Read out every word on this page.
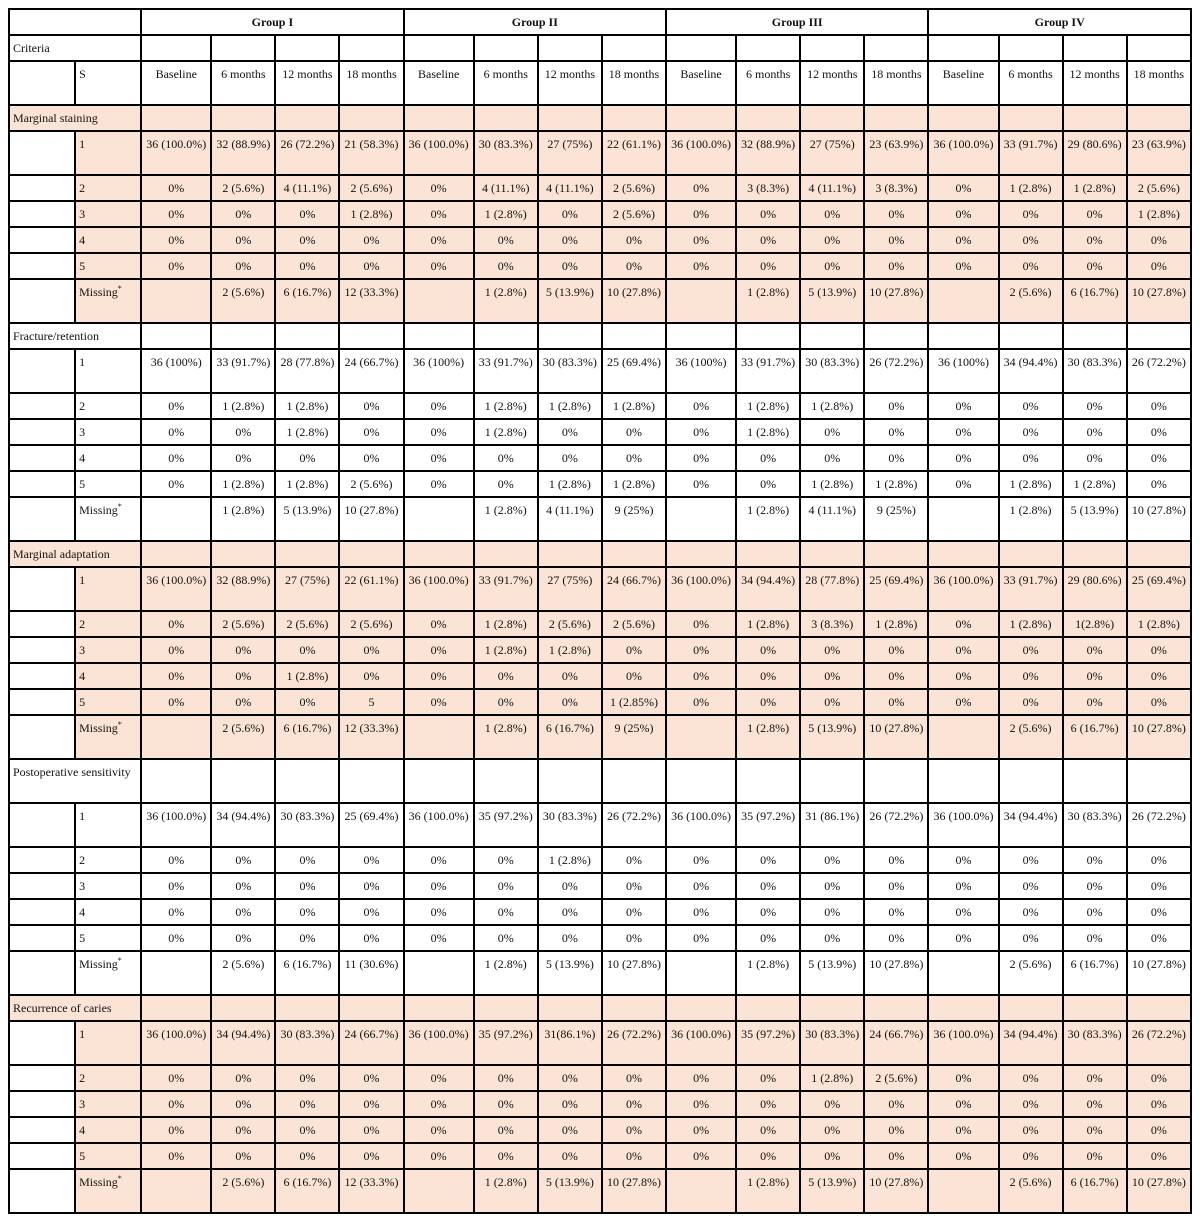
		Group I				Group II				Group III				Group IV			
Criteria																	
	S	Baseline	6 months	12 months	18 months	Baseline	6 months	12 months	18 months	Baseline	6 months	12 months	18 months	Baseline	6 months	12 months	18 months
Marginal staining																	
	1	36 (100.0%)	32 (88.9%)	26 (72.2%)	21 (58.3%)	36 (100.0%)	30 (83.3%)	27 (75%)	22 (61.1%)	36 (100.0%)	32 (88.9%)	27 (75%)	23 (63.9%)	36 (100.0%)	33 (91.7%)	29 (80.6%)	23 (63.9%)
	2	0%	2 (5.6%)	4 (11.1%)	2 (5.6%)	0%	4 (11.1%)	4 (11.1%)	2 (5.6%)	0%	3 (8.3%)	4 (11.1%)	3 (8.3%)	0%	1 (2.8%)	1 (2.8%)	2 (5.6%)
	3	0%	0%	0%	1 (2.8%)	0%	1 (2.8%)	0%	2 (5.6%)	0%	0%	0%	0%	0%	0%	0%	1 (2.8%)
	4	0%	0%	0%	0%	0%	0%	0%	0%	0%	0%	0%	0%	0%	0%	0%	0%
	5	0%	0%	0%	0%	0%	0%	0%	0%	0%	0%	0%	0%	0%	0%	0%	0%
	Missing*		2 (5.6%)	6 (16.7%)	12 (33.3%)		1 (2.8%)	5 (13.9%)	10 (27.8%)		1 (2.8%)	5 (13.9%)	10 (27.8%)		2 (5.6%)	6 (16.7%)	10 (27.8%)
Fracture/retention																	
	1	36 (100%)	33 (91.7%)	28 (77.8%)	24 (66.7%)	36 (100%)	33 (91.7%)	30 (83.3%)	25 (69.4%)	36 (100%)	33 (91.7%)	30 (83.3%)	26 (72.2%)	36 (100%)	34 (94.4%)	30 (83.3%)	26 (72.2%)
	2	0%	1 (2.8%)	1 (2.8%)	0%	0%	1 (2.8%)	1 (2.8%)	1 (2.8%)	0%	1 (2.8%)	1 (2.8%)	0%	0%	0%	0%	0%
	3	0%	0%	1 (2.8%)	0%	0%	1 (2.8%)	0%	0%	0%	1 (2.8%)	0%	0%	0%	0%	0%	0%
	4	0%	0%	0%	0%	0%	0%	0%	0%	0%	0%	0%	0%	0%	0%	0%	0%
	5	0%	1 (2.8%)	1 (2.8%)	2 (5.6%)	0%	0%	1 (2.8%)	1 (2.8%)	0%	0%	1 (2.8%)	1 (2.8%)	0%	1 (2.8%)	1 (2.8%)	0%
	Missing*		1 (2.8%)	5 (13.9%)	10 (27.8%)		1 (2.8%)	4 (11.1%)	9 (25%)		1 (2.8%)	4 (11.1%)	9 (25%)		1 (2.8%)	5 (13.9%)	10 (27.8%)
Marginal adaptation																	
	1	36 (100.0%)	32 (88.9%)	27 (75%)	22 (61.1%)	36 (100.0%)	33 (91.7%)	27 (75%)	24 (66.7%)	36 (100.0%)	34 (94.4%)	28 (77.8%)	25 (69.4%)	36 (100.0%)	33 (91.7%)	29 (80.6%)	25 (69.4%)
	2	0%	2 (5.6%)	2 (5.6%)	2 (5.6%)	0%	1 (2.8%)	2 (5.6%)	2 (5.6%)	0%	1 (2.8%)	3 (8.3%)	1 (2.8%)	0%	1 (2.8%)	1(2.8%)	1 (2.8%)
	3	0%	0%	0%	0%	0%	1 (2.8%)	1 (2.8%)	0%	0%	0%	0%	0%	0%	0%	0%	0%
	4	0%	0%	1 (2.8%)	0%	0%	0%	0%	0%	0%	0%	0%	0%	0%	0%	0%	0%
	5	0%	0%	0%	5	0%	0%	0%	1 (2.85%)	0%	0%	0%	0%	0%	0%	0%	0%
	Missing*		2 (5.6%)	6 (16.7%)	12 (33.3%)		1 (2.8%)	6 (16.7%)	9 (25%)		1 (2.8%)	5 (13.9%)	10 (27.8%)		2 (5.6%)	6 (16.7%)	10 (27.8%)
Postoperative sensitivity																	
	1	36 (100.0%)	34 (94.4%)	30 (83.3%)	25 (69.4%)	36 (100.0%)	35 (97.2%)	30 (83.3%)	26 (72.2%)	36 (100.0%)	35 (97.2%)	31 (86.1%)	26 (72.2%)	36 (100.0%)	34 (94.4%)	30 (83.3%)	26 (72.2%)
	2	0%	0%	0%	0%	0%	0%	1 (2.8%)	0%	0%	0%	0%	0%	0%	0%	0%	0%
	3	0%	0%	0%	0%	0%	0%	0%	0%	0%	0%	0%	0%	0%	0%	0%	0%
	4	0%	0%	0%	0%	0%	0%	0%	0%	0%	0%	0%	0%	0%	0%	0%	0%
	5	0%	0%	0%	0%	0%	0%	0%	0%	0%	0%	0%	0%	0%	0%	0%	0%
	Missing*		2 (5.6%)	6 (16.7%)	11 (30.6%)		1 (2.8%)	5 (13.9%)	10 (27.8%)		1 (2.8%)	5 (13.9%)	10 (27.8%)		2 (5.6%)	6 (16.7%)	10 (27.8%)
Recurrence of caries																	
	1	36 (100.0%)	34 (94.4%)	30 (83.3%)	24 (66.7%)	36 (100.0%)	35 (97.2%)	31(86.1%)	26 (72.2%)	36 (100.0%)	35 (97.2%)	30 (83.3%)	24 (66.7%)	36 (100.0%)	34 (94.4%)	30 (83.3%)	26 (72.2%)
	2	0%	0%	0%	0%	0%	0%	0%	0%	0%	0%	1 (2.8%)	2 (5.6%)	0%	0%	0%	0%
	3	0%	0%	0%	0%	0%	0%	0%	0%	0%	0%	0%	0%	0%	0%	0%	0%
	4	0%	0%	0%	0%	0%	0%	0%	0%	0%	0%	0%	0%	0%	0%	0%	0%
	5	0%	0%	0%	0%	0%	0%	0%	0%	0%	0%	0%	0%	0%	0%	0%	0%
	Missing*		2 (5.6%)	6 (16.7%)	12 (33.3%)		1 (2.8%)	5 (13.9%)	10 (27.8%)		1 (2.8%)	5 (13.9%)	10 (27.8%)		2 (5.6%)	6 (16.7%)	10 (27.8%)
